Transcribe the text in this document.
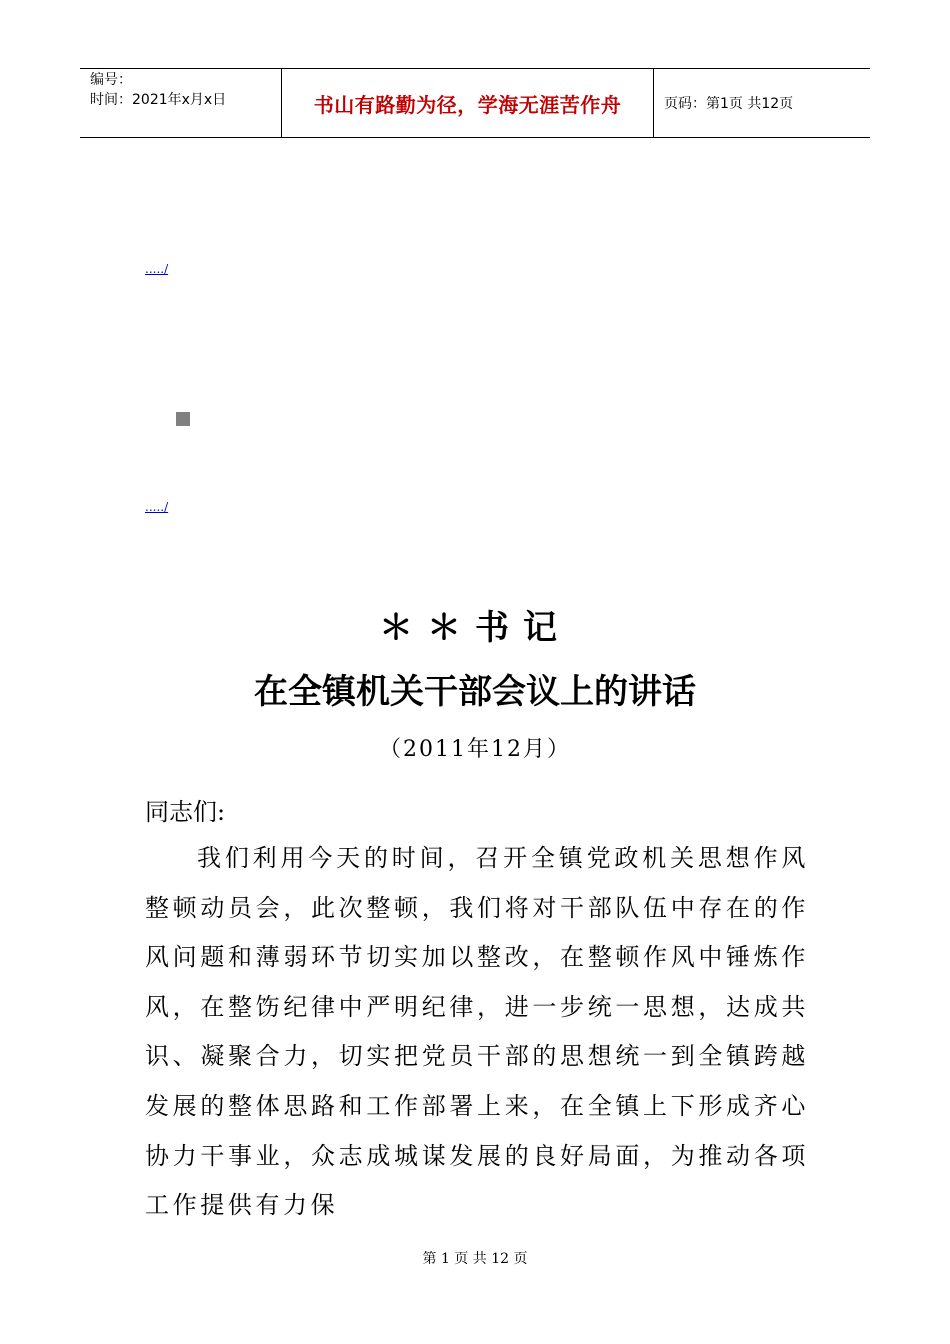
编号：
时间：2021年x月x日	书山有路勤为径，学海无涯苦作舟	页码：第1页 共12页
...../
...../
＊＊书记
在全镇机关干部会议上的讲话
（2011年12月）
同志们:
我们利用今天的时间，召开全镇党政机关思想作风整顿动员会，此次整顿，我们将对干部队伍中存在的作风问题和薄弱环节切实加以整改，在整顿作风中锤炼作风，在整饬纪律中严明纪律，进一步统一思想，达成共识、凝聚合力，切实把党员干部的思想统一到全镇跨越发展的整体思路和工作部署上来，在全镇上下形成齐心协力干事业，众志成城谋发展的良好局面，为推动各项工作提供有力保
第 1 页 共 12 页
